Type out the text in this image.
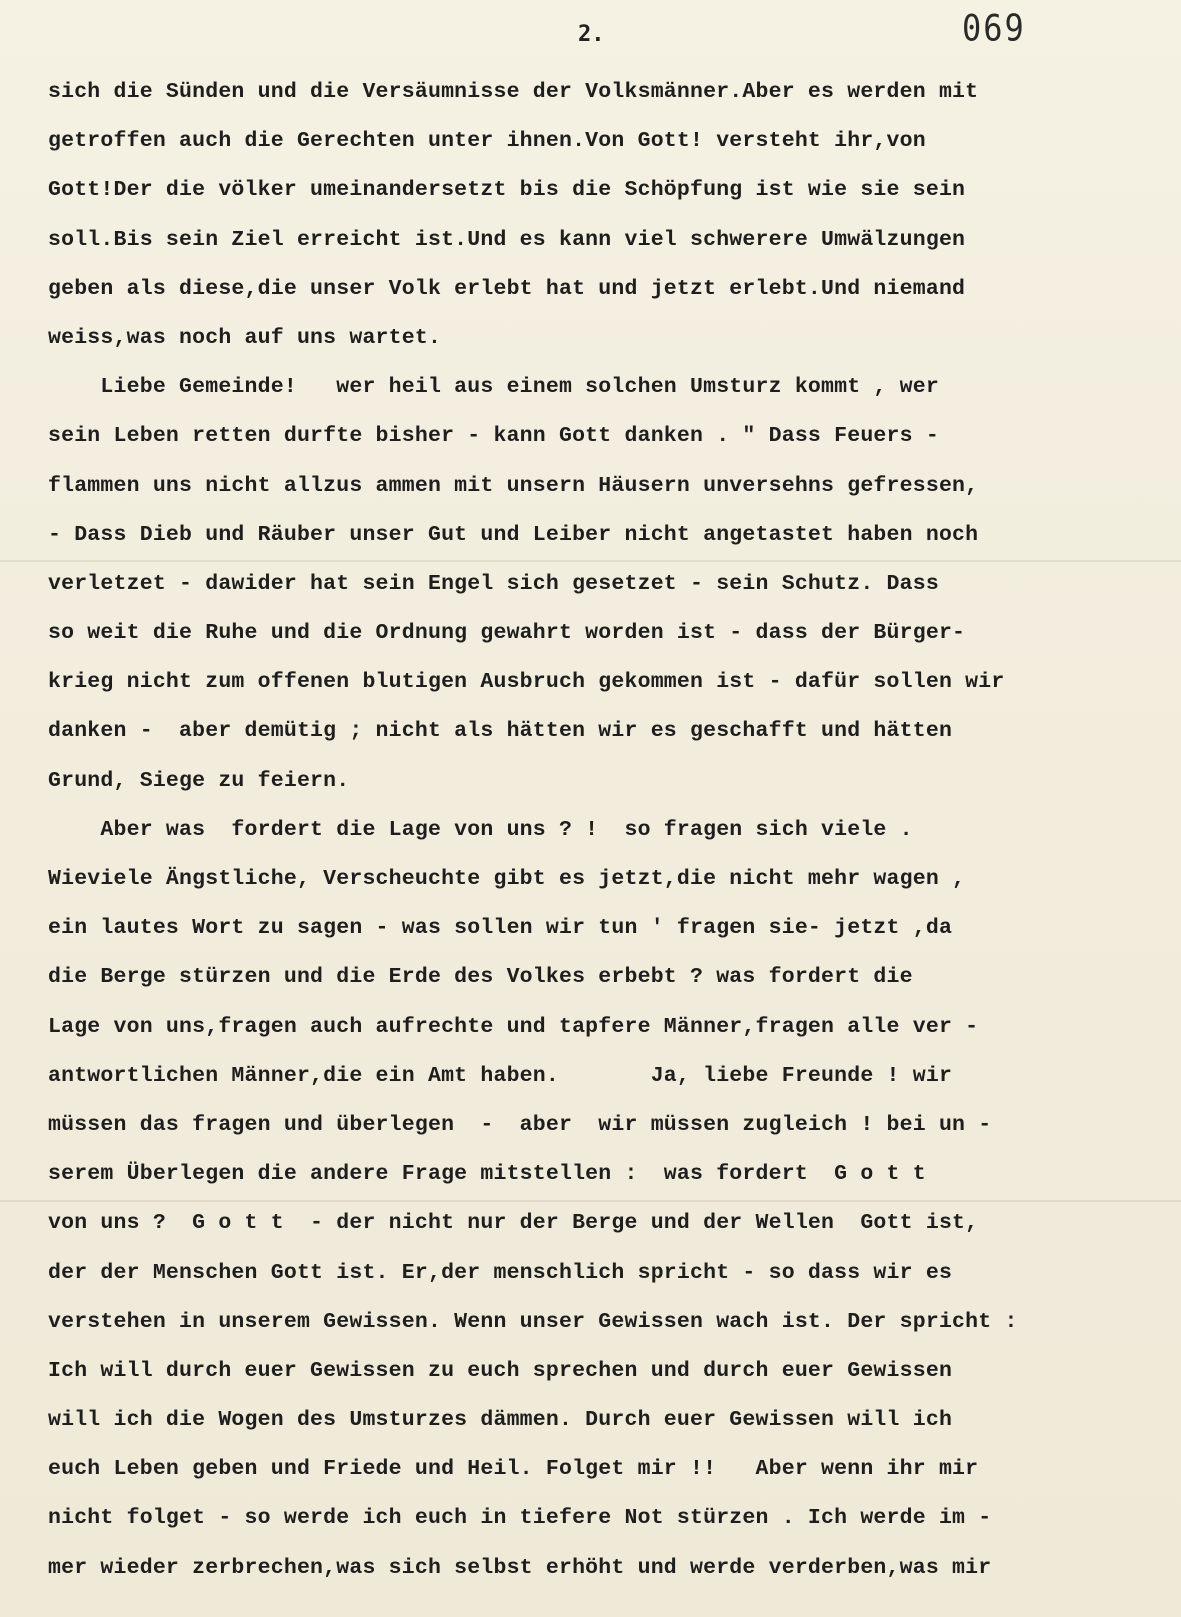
069
2.
sich die Sünden und die Versäumnisse der Volksmänner.Aber es werden mit
getroffen auch die Gerechten unter ihnen.Von Gott! versteht ihr,von
Gott!Der die völker umeinandersetzt bis die Schöpfung ist wie sie sein
soll.Bis sein Ziel erreicht ist.Und es kann viel schwerere Umwälzungen
geben als diese,die unser Volk erlebt hat und jetzt erlebt.Und niemand
weiss,was noch auf uns wartet.
Liebe Gemeinde!   wer heil aus einem solchen Umsturz kommt , wer
sein Leben retten durfte bisher - kann Gott danken . " Dass Feuers -
flammen uns nicht allzus ammen mit unsern Häusern unversehns gefressen,
- Dass Dieb und Räuber unser Gut und Leiber nicht angetastet haben noch
verletzet - dawider hat sein Engel sich gesetzet - sein Schutz. Dass
so weit die Ruhe und die Ordnung gewahrt worden ist - dass der Bürger-
krieg nicht zum offenen blutigen Ausbruch gekommen ist - dafür sollen wir
danken -  aber demütig ; nicht als hätten wir es geschafft und hätten
Grund, Siege zu feiern.
Aber was  fordert die Lage von uns ? !  so fragen sich viele .
Wieviele Ängstliche, Verscheuchte gibt es jetzt,die nicht mehr wagen ,
ein lautes Wort zu sagen - was sollen wir tun ' fragen sie- jetzt ,da
die Berge stürzen und die Erde des Volkes erbebt ? was fordert die
Lage von uns,fragen auch aufrechte und tapfere Männer,fragen alle ver -
antwortlichen Männer,die ein Amt haben.       Ja, liebe Freunde ! wir
müssen das fragen und überlegen  -  aber  wir müssen zugleich ! bei un -
serem Überlegen die andere Frage mitstellen :  was fordert  G o t t
von uns ?  G o t t  - der nicht nur der Berge und der Wellen  Gott ist,
der der Menschen Gott ist. Er,der menschlich spricht - so dass wir es
verstehen in unserem Gewissen. Wenn unser Gewissen wach ist. Der spricht :
Ich will durch euer Gewissen zu euch sprechen und durch euer Gewissen
will ich die Wogen des Umsturzes dämmen. Durch euer Gewissen will ich
euch Leben geben und Friede und Heil. Folget mir !!   Aber wenn ihr mir
nicht folget - so werde ich euch in tiefere Not stürzen . Ich werde im -
mer wieder zerbrechen,was sich selbst erhöht und werde verderben,was mir
